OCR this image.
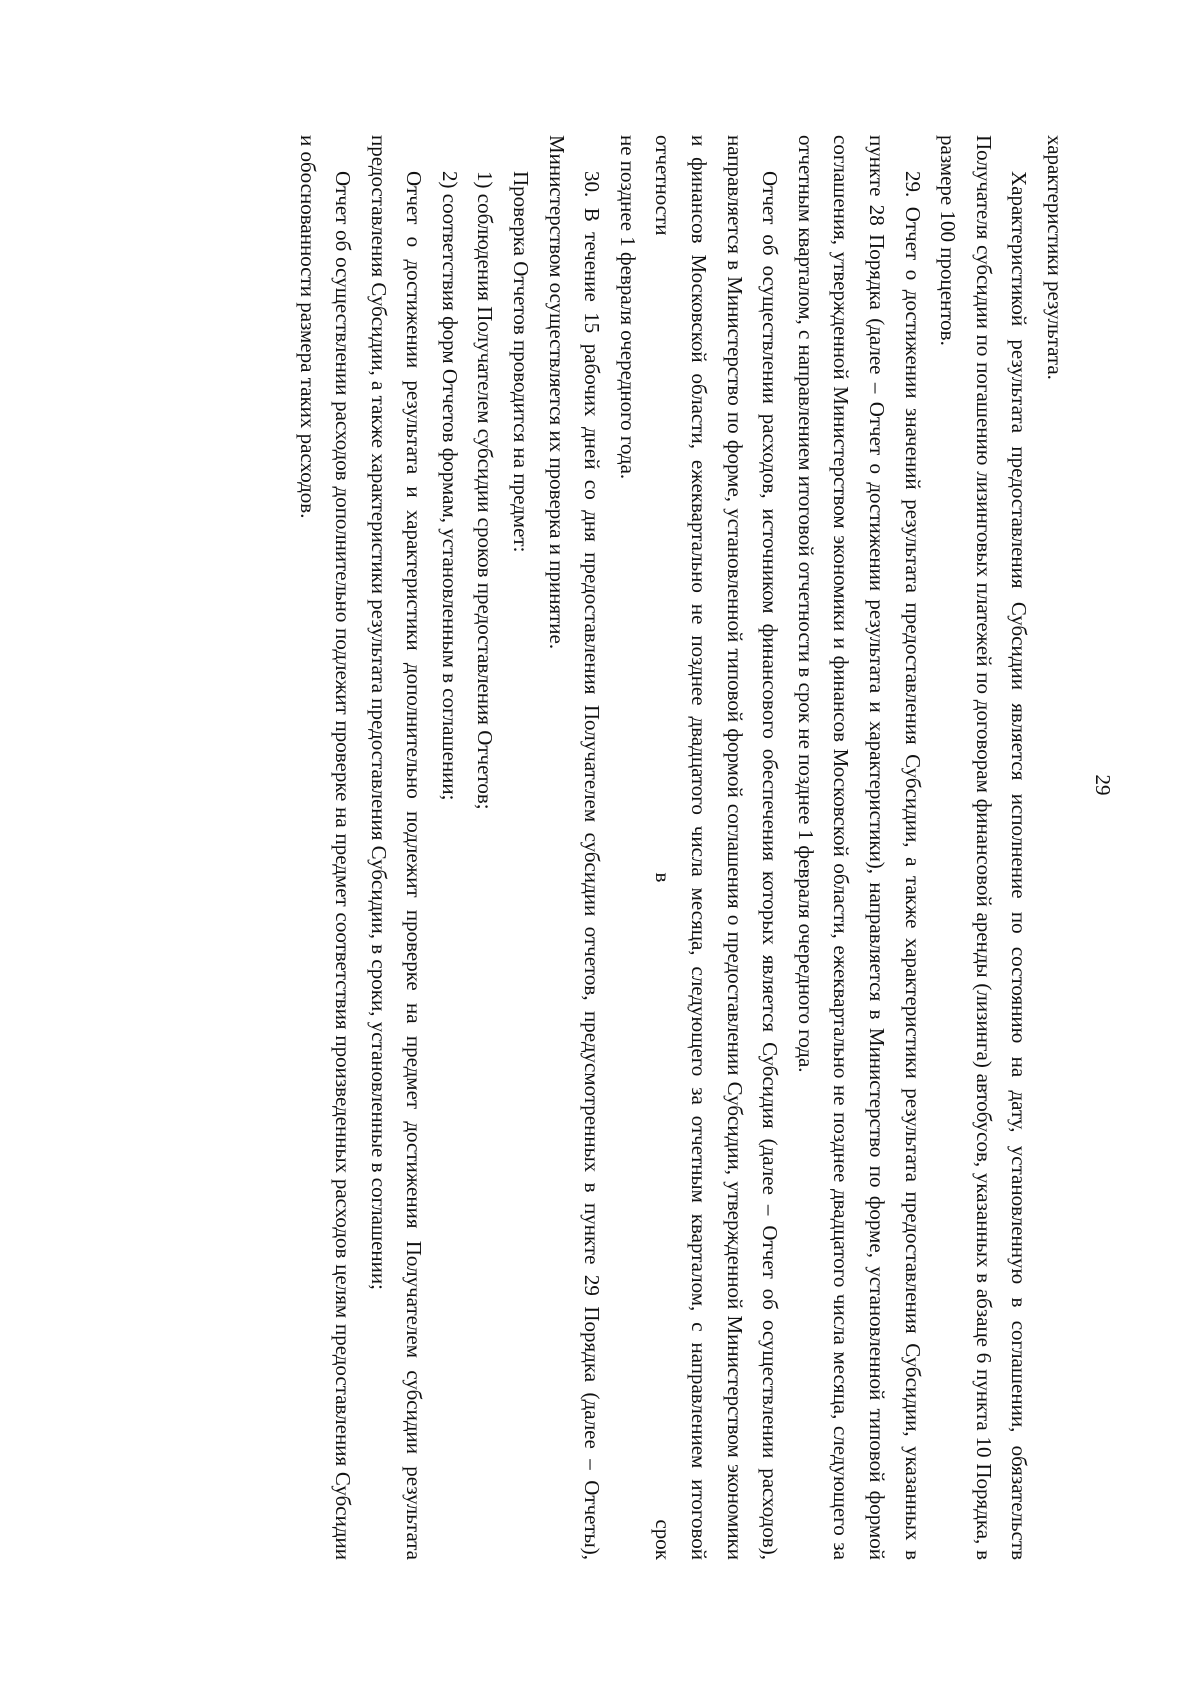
29

характеристики результата.

Характеристикой результата предоставления Субсидии является исполнение по состоянию на дату, установленную в соглашении, обязательств Получателя субсидии по погашению лизинговых платежей по договорам финансовой аренды (лизинга) автобусов, указанных в абзаце 6 пункта 10 Порядка, в размере 100 процентов.

29. Отчет о достижении значений результата предоставления Субсидии, а также характеристики результата предоставления Субсидии, указанных в пункте 28 Порядка (далее – Отчет о достижении результата и характеристики), направляется в Министерство по форме, установленной типовой формой соглашения, утвержденной Министерством экономики и финансов Московской области, ежеквартально не позднее двадцатого числа месяца, следующего за отчетным кварталом, с направлением итоговой отчетности в срок не позднее 1 февраля очередного года.

Отчет об осуществлении расходов, источником финансового обеспечения которых является Субсидия (далее – Отчет об осуществлении расходов), направляется в Министерство по форме, установленной типовой формой соглашения о предоставлении Субсидии, утвержденной Министерством экономики и финансов Московской области, ежеквартально не позднее двадцатого числа месяца, следующего за отчетным кварталом, с направлением итоговой отчетности в срок

не позднее 1 февраля очередного года.

30. В течение 15 рабочих дней со дня предоставления Получателем субсидии отчетов, предусмотренных в пункте 29 Порядка (далее – Отчеты), Министерством осуществляется их проверка и принятие.

Проверка Отчетов проводится на предмет:

1) соблюдения Получателем субсидии сроков предоставления Отчетов;

2) соответствия форм Отчетов формам, установленным в соглашении;

Отчет о достижении результата и характеристики дополнительно подлежит проверке на предмет достижения Получателем субсидии результата предоставления Субсидии, а также характеристики результата предоставления Субсидии, в сроки, установленные в соглашении;

Отчет об осуществлении расходов дополнительно подлежит проверке на предмет соответствия произведенных расходов целям предоставления Субсидии и обоснованности размера таких расходов.
